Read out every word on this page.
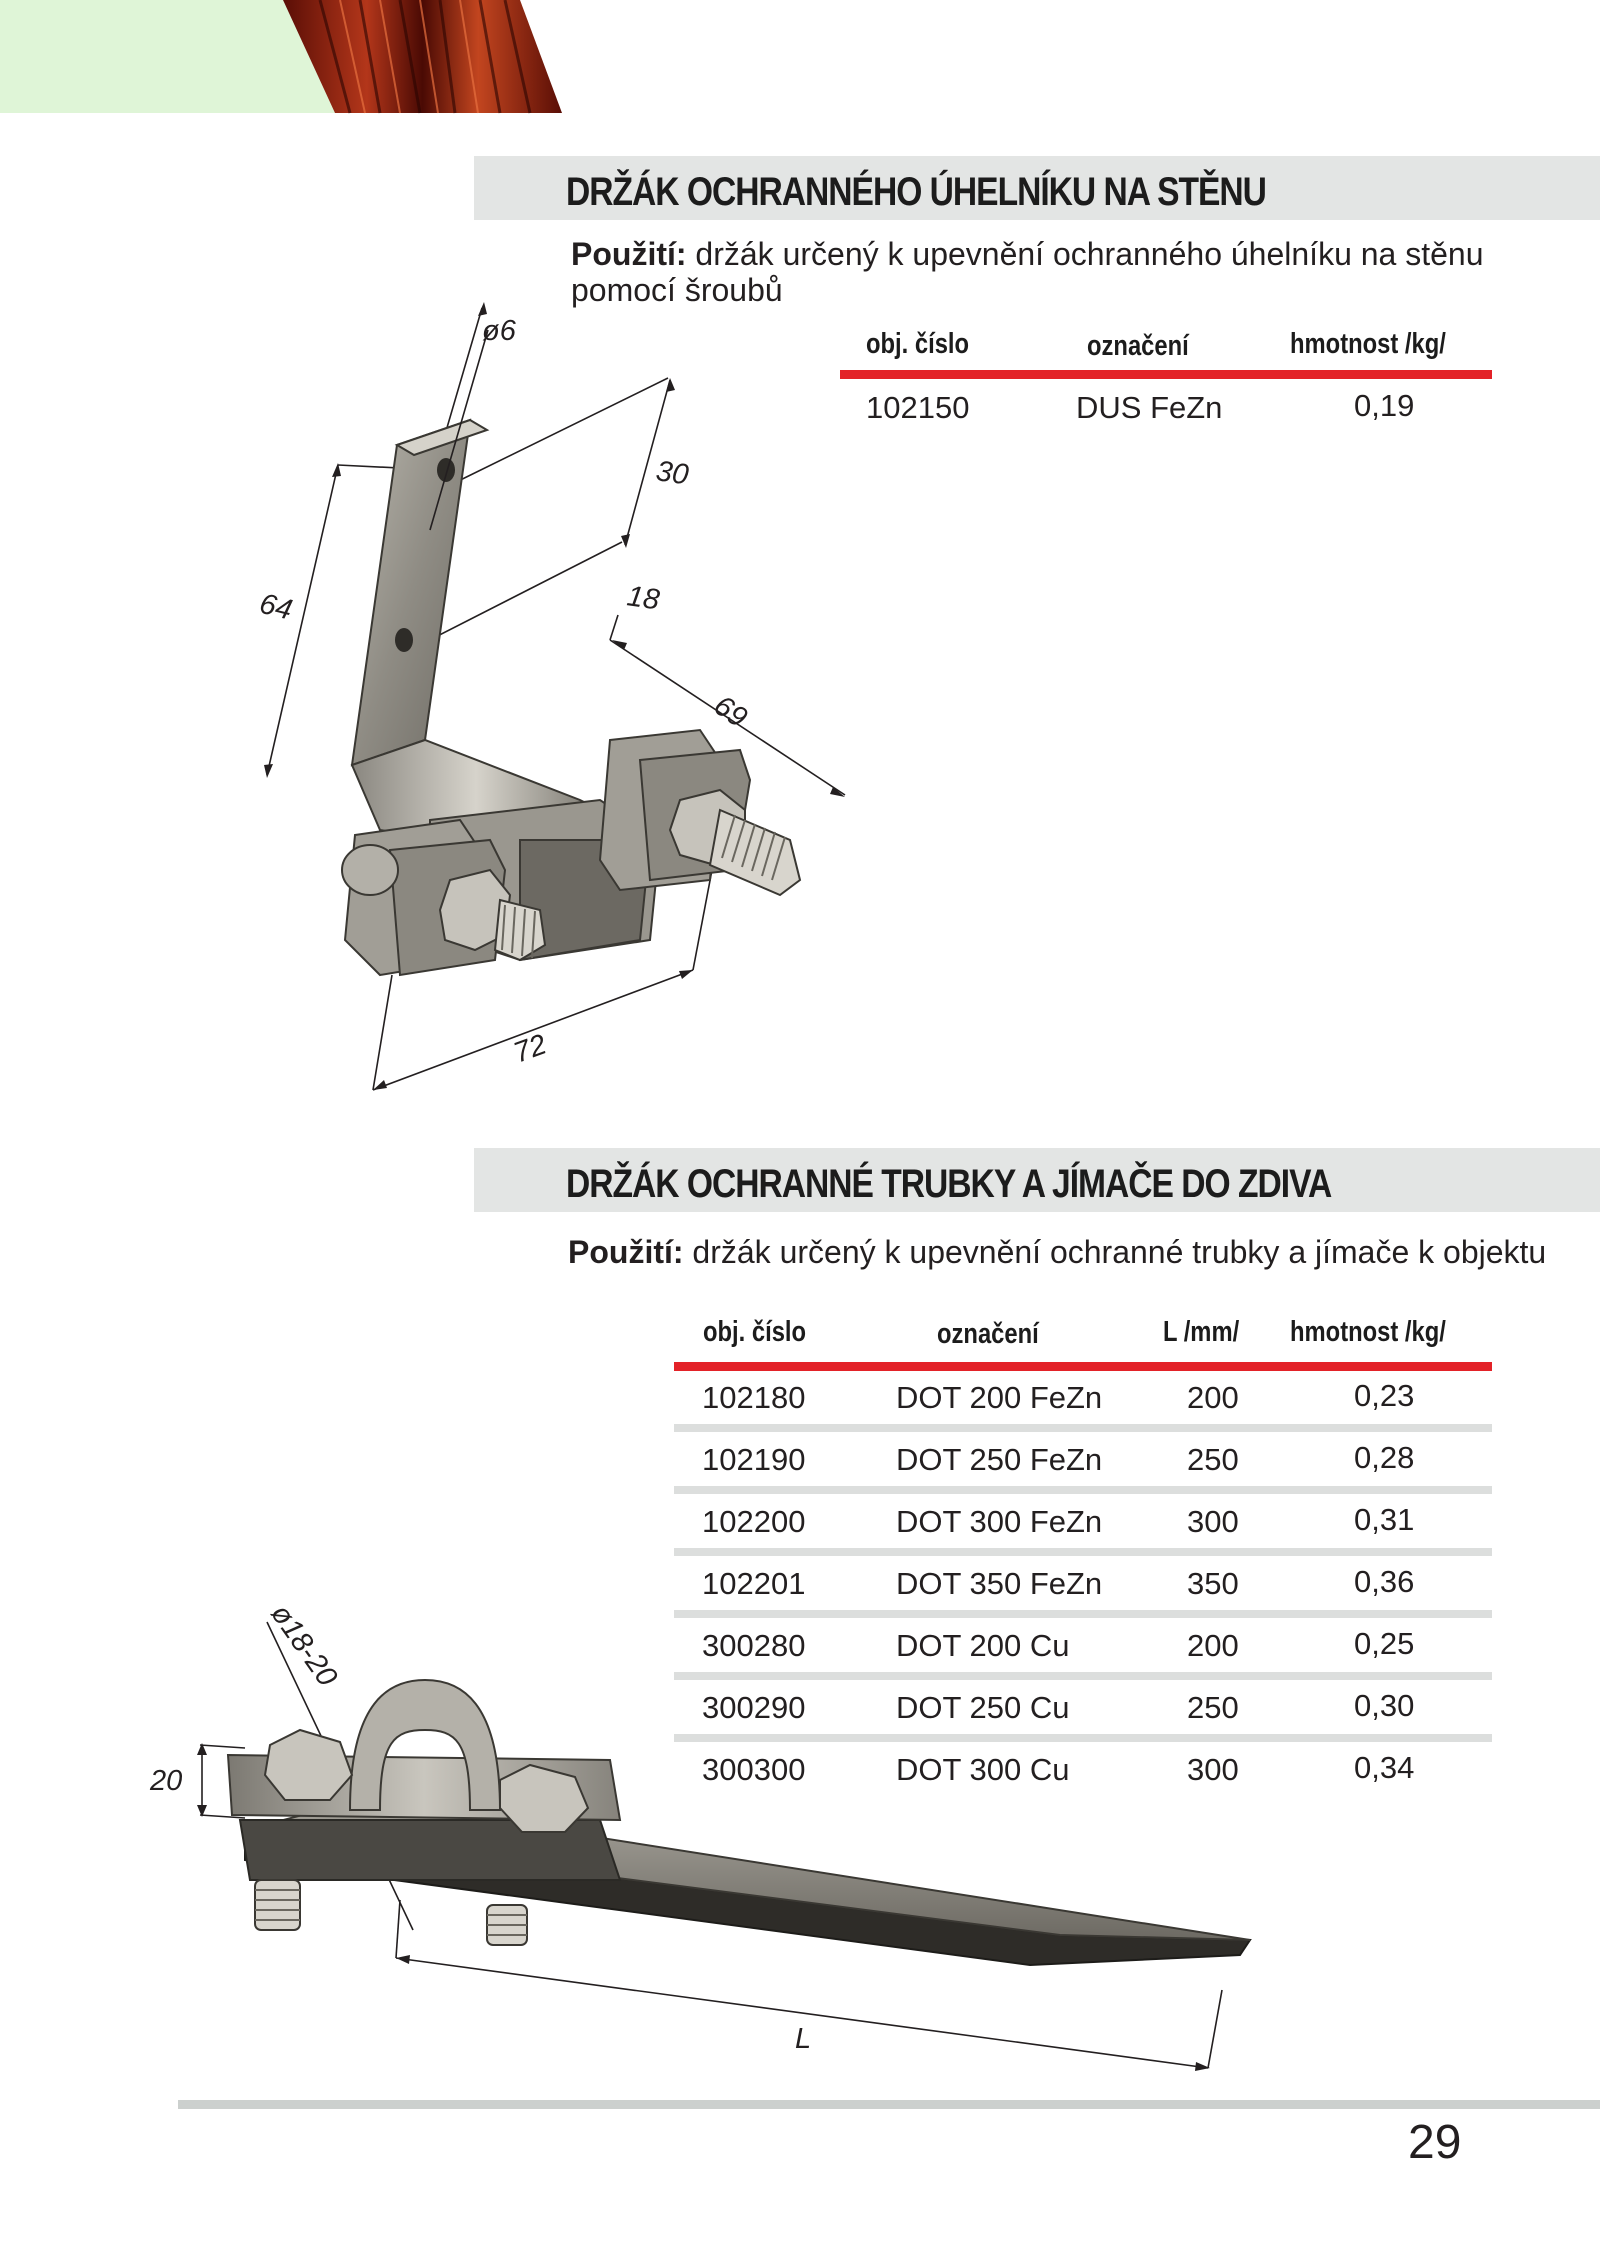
DRŽÁK OCHRANNÉHO ÚHELNÍKU NA STĚNU
Použití: držák určený k upevnění ochranného úhelníku na stěnu pomocí šroubů
obj. číslo	označení	hmotnost /kg/
102150	DUS FeZn	0,19
ø6
30
18
64
69
72
DRŽÁK OCHRANNÉ TRUBKY A JÍMAČE DO ZDIVA
Použití: držák určený k upevnění ochranné trubky a jímače k objektu
obj. číslo	označení	L /mm/ hmotnost /kg/
102180	DOT 200 FeZn	200	0,23
102190	DOT 250 FeZn	250	0,28
102200	DOT 300 FeZn	300	0,31
102201	DOT 350 FeZn	350	0,36
300280	DOT 200 Cu	200	0,25
300290	DOT 250 Cu	250	0,30
300300	DOT 300 Cu	300	0,34
ø18-20
20
L
29
